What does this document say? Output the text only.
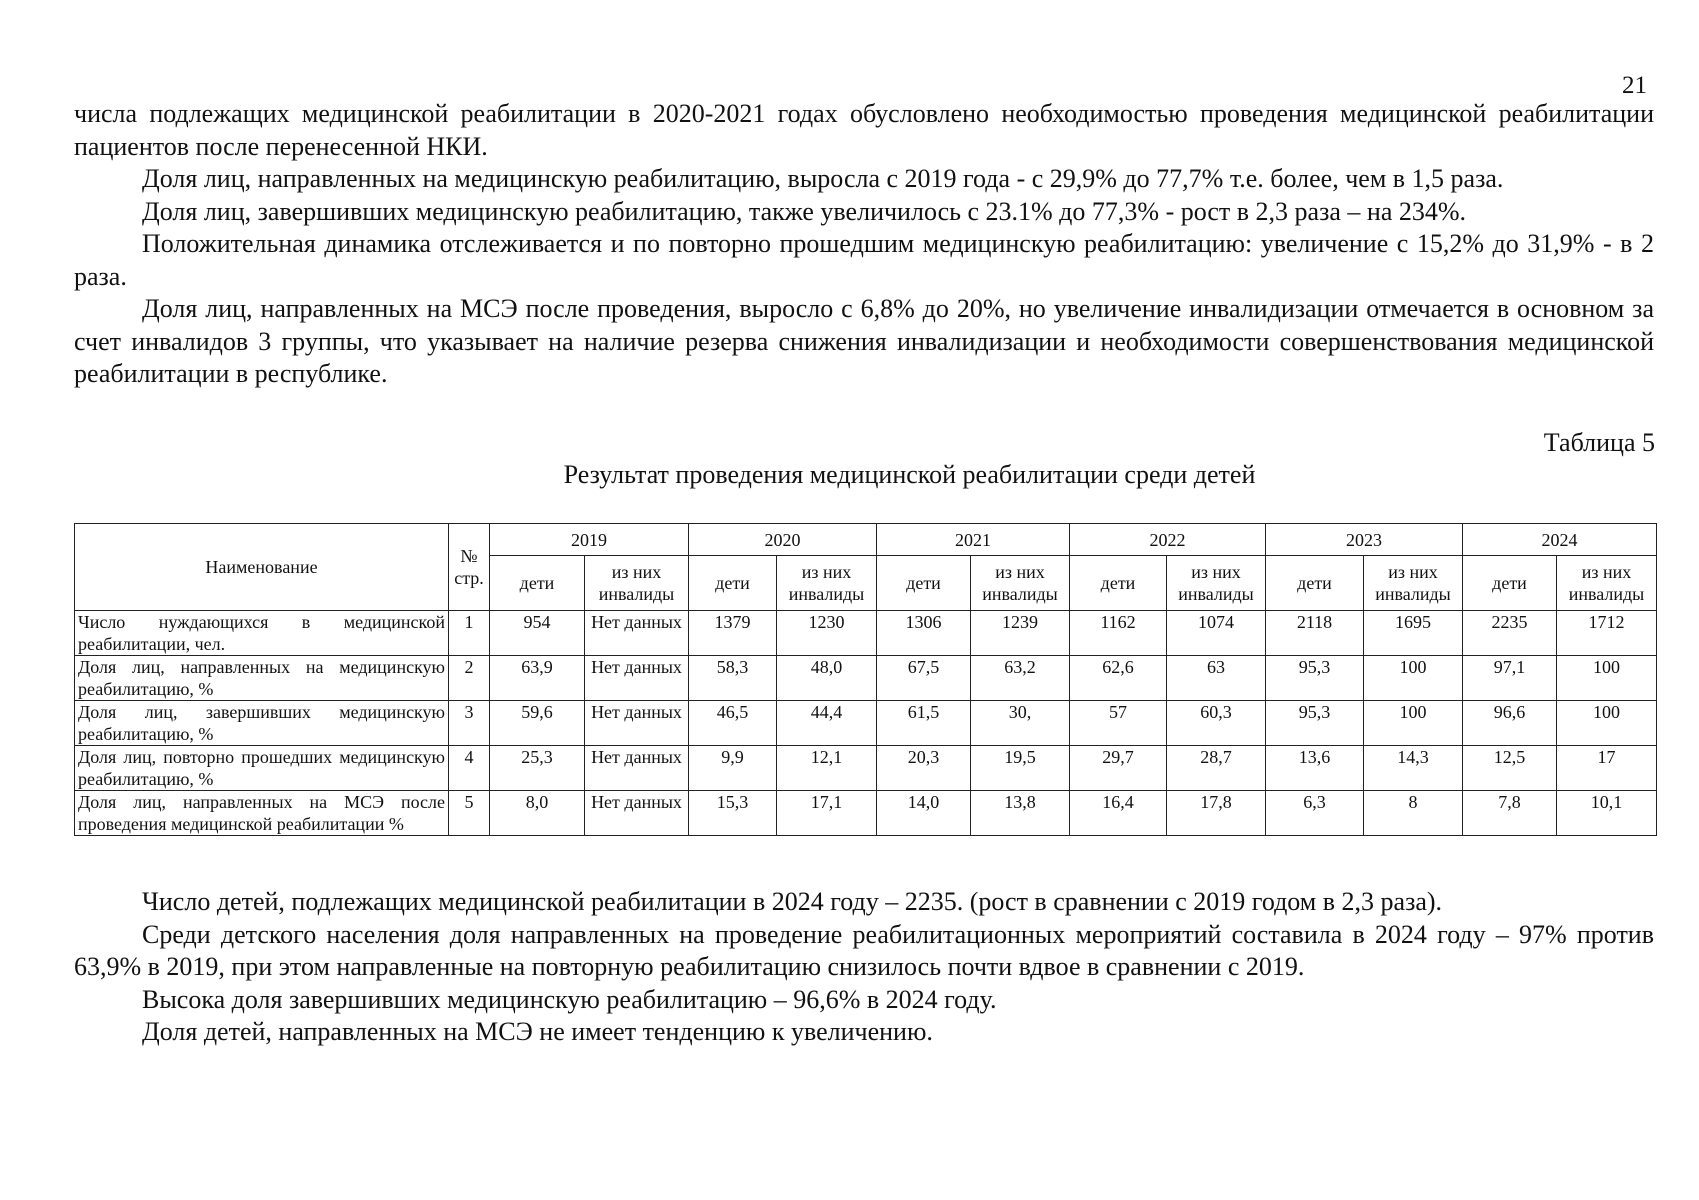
21

числа подлежащих медицинской реабилитации в 2020-2021 годах обусловлено необходимостью проведения медицинской реабилитации пациентов после перенесенной НКИ.

Доля лиц, направленных на медицинскую реабилитацию, выросла с 2019 года - с 29,9% до 77,7% т.е. более, чем в 1,5 раза.

Доля лиц, завершивших медицинскую реабилитацию, также увеличилось с 23.1% до 77,3% - рост в 2,3 раза – на 234%.

Положительная динамика отслеживается и по повторно прошедшим медицинскую реабилитацию: увеличение с 15,2% до 31,9% - в 2 раза.

Доля лиц, направленных на МСЭ после проведения, выросло с 6,8% до 20%, но увеличение инвалидизации отмечается в основном за счет инвалидов 3 группы, что указывает на наличие резерва снижения инвалидизации и необходимости совершенствования медицинской реабилитации в республике.

Таблица 5
Результат проведения медицинской реабилитации среди детей
Наименование	№ стр.	2019		2020		2021		2022		2023		2024	
		дети	из них инвалиды	дети	из них инвалиды	дети	из них инвалиды	дети	из них инвалиды	дети	из них инвалиды	дети	из них инвалиды
Число нуждающихся в медицинской реабилитации, чел.	1	954	Нет данных	1379	1230	1306	1239	1162	1074	2118	1695	2235	1712
Доля лиц, направленных на медицинскую реабилитацию, %	2	63,9	Нет данных	58,3	48,0	67,5	63,2	62,6	63	95,3	100	97,1	100
Доля лиц, завершивших медицинскую реабилитацию, %	3	59,6	Нет данных	46,5	44,4	61,5	30,	57	60,3	95,3	100	96,6	100
Доля лиц, повторно прошедших медицинскую реабилитацию, %	4	25,3	Нет данных	9,9	12,1	20,3	19,5	29,7	28,7	13,6	14,3	12,5	17
Доля лиц, направленных на МСЭ после проведения медицинской реабилитации %	5	8,0	Нет данных	15,3	17,1	14,0	13,8	16,4	17,8	6,3	8	7,8	10,1

Число детей, подлежащих медицинской реабилитации в 2024 году – 2235. (рост в сравнении с 2019 годом в 2,3 раза).

Среди детского населения доля направленных на проведение реабилитационных мероприятий составила в 2024 году – 97% против 63,9% в 2019, при этом направленные на повторную реабилитацию снизилось почти вдвое в сравнении с 2019.

Высока доля завершивших медицинскую реабилитацию – 96,6% в 2024 году.

Доля детей, направленных на МСЭ не имеет тенденцию к увеличению.
